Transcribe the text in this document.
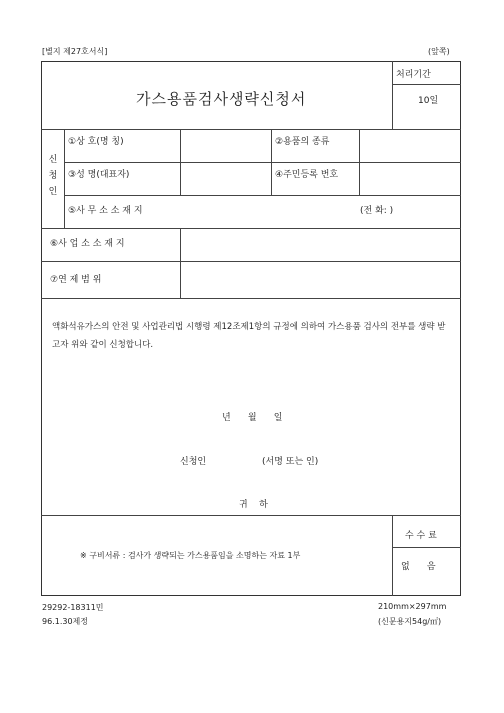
[별지 제27호서식]	(앞쪽)
가스용품검사생략신청서
처리기간
10일
신청인
①상 호(명 칭)	②용품의 종류
③성 명(대표자)	④주민등록 번호
⑤사 무 소 소 재 지	(전 화: )
⑥사 업 소 소 재 지
⑦연 제 범 위
액화석유가스의 안전 및 사업관리법 시행령 제12조제1항의 규정에 의하여 가스용품 검사의 전부를 생략 받고자 위와 같이 신청합니다.
년      월      일
신청인	(서명 또는 인)
귀    하
※ 구비서류 : 검사가 생략되는 가스용품임을 소명하는 자료 1부
수 수 료
없      음
29292-18311민	210mm×297mm
96.1.30제정	(신문용지54g/㎡)
